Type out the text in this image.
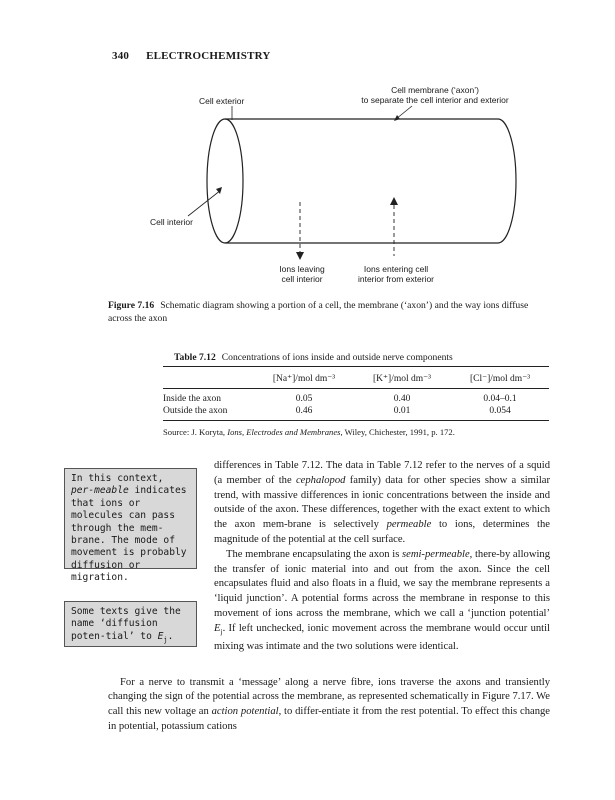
340 ELECTROCHEMISTRY
Cell exterior
Cell membrane (‘axon’)
to separate the cell interior and exterior
Cell interior
Ions leaving
cell interior
Ions entering cell
interior from exterior
Figure 7.16 Schematic diagram showing a portion of a cell, the membrane (‘axon’) and the way ions diffuse across the axon
Table 7.12 Concentrations of ions inside and outside nerve components
	[Na⁺]/mol dm⁻³	[K⁺]/mol dm⁻³	[Cl⁻]/mol dm⁻³
Inside the axon	0.05	0.40	0.04–0.1
Outside the axon	0.46	0.01	0.054
Source: J. Koryta, Ions, Electrodes and Membranes, Wiley, Chichester, 1991, p. 172.
In this context, per-meable indicates that ions or molecules can pass through the mem-brane. The mode of movement is probably diffusion or migration.
Some texts give the name ‘diffusion poten-tial’ to $E_j$.

differences in Table 7.12. The data in Table 7.12 refer to the nerves of a squid (a member of the cephalopod family) data for other species show a similar trend, with massive differences in ionic concentrations between the inside and outside of the axon. These differences, together with the exact extent to which the axon mem-brane is selectively permeable to ions, determines the magnitude of the potential at the cell surface.

The membrane encapsulating the axon is semi-permeable, there-by allowing the transfer of ionic material into and out from the axon. Since the cell encapsulates fluid and also floats in a fluid, we say the membrane represents a ‘liquid junction’. A potential forms across the membrane in response to this movement of ions across the membrane, which we call a ‘junction potential’ $E_j$. If left unchecked, ionic movement across the membrane would occur until mixing was intimate and the two solutions were identical.

For a nerve to transmit a ‘message’ along a nerve fibre, ions traverse the axons and transiently changing the sign of the potential across the membrane, as represented schematically in Figure 7.17. We call this new voltage an action potential, to differ-entiate it from the rest potential. To effect this change in potential, potassium cations
